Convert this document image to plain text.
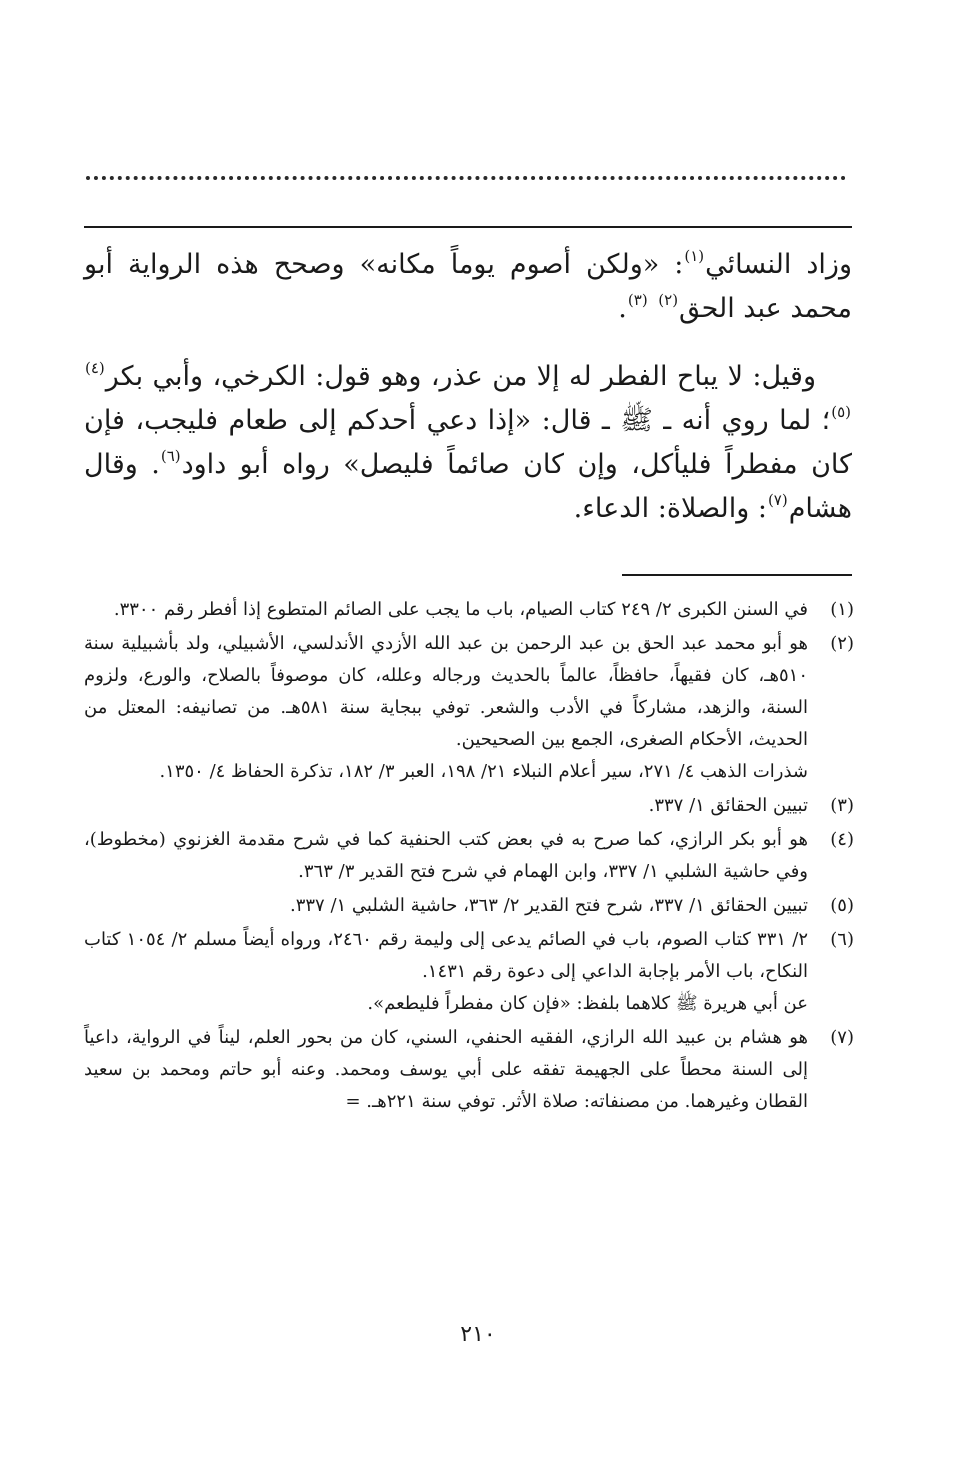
وزاد النسائي$^{(١)}$: «ولكن أصوم يوماً مكانه» وصحح هذه الرواية أبو محمد عبد الحق$^{(٢)}$ $^{(٣)}$.

وقيل: لا يباح الفطر له إلا من عذر، وهو قول: الكرخي، وأبي بكر$^{(٤)}$ $^{(٥)}$؛ لما روي أنه ـ ﷺ ـ قال: «إذا دعي أحدكم إلى طعام فليجب، فإن كان مفطراً فليأكل، وإن كان صائماً فليصل» رواه أبو داود$^{(٦)}$. وقال هشام$^{(٧)}$: والصلاة: الدعاء.

(١)
في السنن الكبرى ٢/ ٢٤٩ كتاب الصيام، باب ما يجب على الصائم المتطوع إذا أفطر رقم ٣٣٠٠.
(٢)
هو أبو محمد عبد الحق بن عبد الرحمن بن عبد الله الأزدي الأندلسي، الأشبيلي، ولد بأشبيلية سنة ٥١٠هـ، كان فقيهاً، حافظاً، عالماً بالحديث ورجاله وعلله، كان موصوفاً بالصلاح، والورع، ولزوم السنة، والزهد، مشاركاً في الأدب والشعر. توفي ببجاية سنة ٥٨١هـ. من تصانيفه: المعتل من الحديث، الأحكام الصغرى، الجمع بين الصحيحين.
شذرات الذهب ٤/ ٢٧١، سير أعلام النبلاء ٢١/ ١٩٨، العبر ٣/ ١٨٢، تذكرة الحفاظ ٤/ ١٣٥٠.
(٣)
تبيين الحقائق ١/ ٣٣٧.
(٤)
هو أبو بكر الرازي، كما صرح به في بعض كتب الحنفية كما في شرح مقدمة الغزنوي (مخطوط)، وفي حاشية الشلبي ١/ ٣٣٧، وابن الهمام في شرح فتح القدير ٣/ ٣٦٣.
(٥)
تبيين الحقائق ١/ ٣٣٧، شرح فتح القدير ٢/ ٣٦٣، حاشية الشلبي ١/ ٣٣٧.
(٦)
٢/ ٣٣١ كتاب الصوم، باب في الصائم يدعى إلى وليمة رقم ٢٤٦٠، ورواه أيضاً مسلم ٢/ ١٠٥٤ كتاب النكاح، باب الأمر بإجابة الداعي إلى دعوة رقم ١٤٣١.
عن أبي هريرة ﷺ كلاهما بلفظ: «فإن كان مفطراً فليطعم».
(٧)
هو هشام بن عبيد الله الرازي، الفقيه الحنفي، السني، كان من بحور العلم، ليناً في الرواية، داعياً إلى السنة محطاً على الجهيمة تفقه على أبي يوسف ومحمد. وعنه أبو حاتم ومحمد بن سعيد القطان وغيرهما. من مصنفاته: صلاة الأثر. توفي سنة ٢٢١هـ. =
٢١٠
